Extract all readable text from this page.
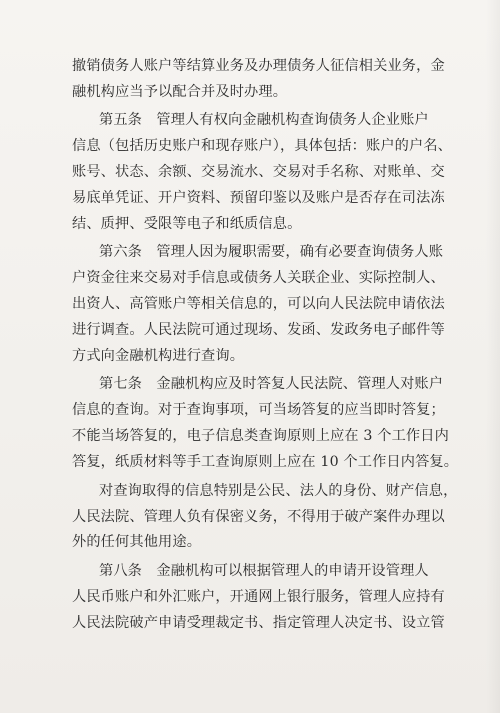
撤销债务人账户等结算业务及办理债务人征信相关业务，金
融机构应当予以配合并及时办理。
第五条　管理人有权向金融机构查询债务人企业账户
信息（包括历史账户和现存账户），具体包括：账户的户名、
账号、状态、余额、交易流水、交易对手名称、对账单、交
易底单凭证、开户资料、预留印鉴以及账户是否存在司法冻
结、质押、受限等电子和纸质信息。
第六条　管理人因为履职需要，确有必要查询债务人账
户资金往来交易对手信息或债务人关联企业、实际控制人、
出资人、高管账户等相关信息的，可以向人民法院申请依法
进行调查。人民法院可通过现场、发函、发政务电子邮件等
方式向金融机构进行查询。
第七条　金融机构应及时答复人民法院、管理人对账户
信息的查询。对于查询事项，可当场答复的应当即时答复；
不能当场答复的，电子信息类查询原则上应在 3 个工作日内
答复，纸质材料等手工查询原则上应在 10 个工作日内答复。
对查询取得的信息特别是公民、法人的身份、财产信息，
人民法院、管理人负有保密义务，不得用于破产案件办理以
外的任何其他用途。
第八条　金融机构可以根据管理人的申请开设管理人
人民币账户和外汇账户，开通网上银行服务，管理人应持有
人民法院破产申请受理裁定书、指定管理人决定书、设立管
